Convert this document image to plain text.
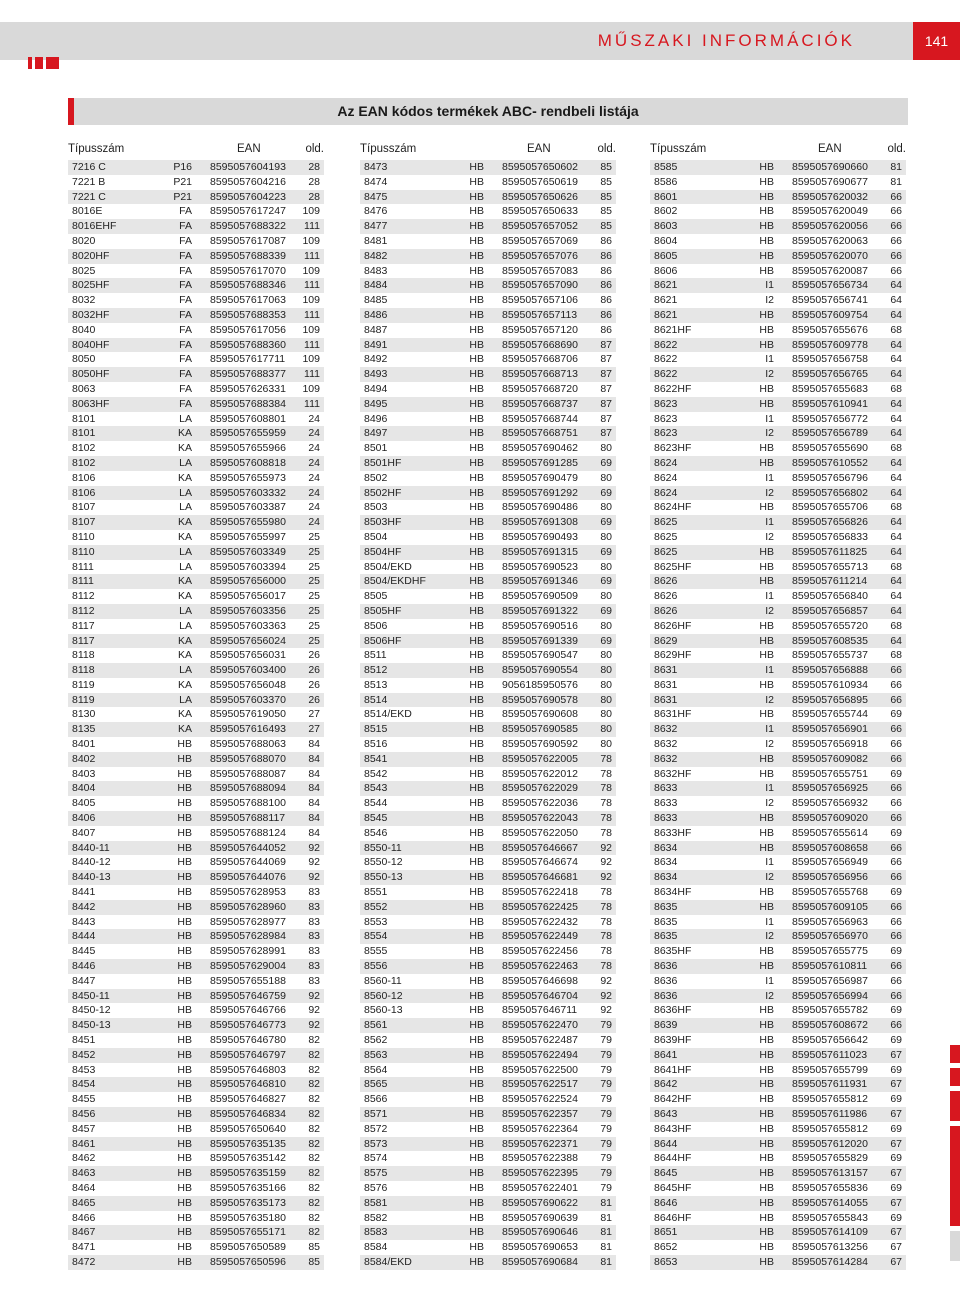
MŰSZAKI INFORMÁCIÓK	141
Az EAN kódos termékek ABC- rendbeli listája
Típusszám	EAN	old.
7216 C	P16 8595057604193 28
7221 B	P21 8595057604216 28
7221 C	P21 8595057604223 28
8016E	FA 8595057617247 109
8016EHF	FA 8595057688322 111
8020	FA 8595057617087 109
8020HF	FA 8595057688339 111
8025	FA 8595057617070 109
8025HF	FA 8595057688346 111
8032	FA 8595057617063 109
8032HF	FA 8595057688353 111
8040	FA 8595057617056 109
8040HF	FA 8595057688360 111
8050	FA 8595057617711 109
8050HF	FA 8595057688377 111
8063	FA 8595057626331 109
8063HF	FA 8595057688384 111
8101	LA 8595057608801 24
8101	KA 8595057655959 24
8102	KA 8595057655966 24
8102	LA 8595057608818 24
8106	KA 8595057655973 24
8106	LA 8595057603332 24
8107	LA 8595057603387 24
8107	KA 8595057655980 24
8110	KA 8595057655997 25
8110	LA 8595057603349 25
8111	LA 8595057603394 25
8111	KA 8595057656000 25
8112	KA 8595057656017 25
8112	LA 8595057603356 25
8117	LA 8595057603363 25
8117	KA 8595057656024 25
8118	KA 8595057656031 26
8118	LA 8595057603400 26
8119	KA 8595057656048 26
8119	LA 8595057603370 26
8130	KA 8595057619050 27
8135	KA 8595057616493 27
8401	HB 8595057688063 84
8402	HB 8595057688070 84
8403	HB 8595057688087 84
8404	HB 8595057688094 84
8405	HB 8595057688100 84
8406	HB 8595057688117 84
8407	HB 8595057688124 84
8440-11	HB 8595057644052 92
8440-12	HB 8595057644069 92
8440-13	HB 8595057644076 92
8441	HB 8595057628953 83
8442	HB 8595057628960 83
8443	HB 8595057628977 83
8444	HB 8595057628984 83
8445	HB 8595057628991 83
8446	HB 8595057629004 83
8447	HB 8595057655188 83
8450-11	HB 8595057646759 92
8450-12	HB 8595057646766 92
8450-13	HB 8595057646773 92
8451	HB 8595057646780 82
8452	HB 8595057646797 82
8453	HB 8595057646803 82
8454	HB 8595057646810 82
8455	HB 8595057646827 82
8456	HB 8595057646834 82
8457	HB 8595057650640 82
8461	HB 8595057635135 82
8462	HB 8595057635142 82
8463	HB 8595057635159 82
8464	HB 8595057635166 82
8465	HB 8595057635173 82
8466	HB 8595057635180 82
8467	HB 8595057655171 82
8471	HB 8595057650589 85
8472	HB 8595057650596 85
Típusszám	EAN	old.
8473	HB 8595057650602 85
8474	HB 8595057650619 85
8475	HB 8595057650626 85
8476	HB 8595057650633 85
8477	HB 8595057657052 85
8481	HB 8595057657069 86
8482	HB 8595057657076 86
8483	HB 8595057657083 86
8484	HB 8595057657090 86
8485	HB 8595057657106 86
8486	HB 8595057657113 86
8487	HB 8595057657120 86
8491	HB 8595057668690 87
8492	HB 8595057668706 87
8493	HB 8595057668713 87
8494	HB 8595057668720 87
8495	HB 8595057668737 87
8496	HB 8595057668744 87
8497	HB 8595057668751 87
8501	HB 8595057690462 80
8501HF	HB 8595057691285 69
8502	HB 8595057690479 80
8502HF	HB 8595057691292 69
8503	HB 8595057690486 80
8503HF	HB 8595057691308 69
8504	HB 8595057690493 80
8504HF	HB 8595057691315 69
8504/EKD	HB 8595057690523 80
8504/EKDHF	HB 8595057691346 69
8505	HB 8595057690509 80
8505HF	HB 8595057691322 69
8506	HB 8595057690516 80
8506HF	HB 8595057691339 69
8511	HB 8595057690547 80
8512	HB 8595057690554 80
8513	HB 9056185950576 80
8514	HB 8595057690578 80
8514/EKD	HB 8595057690608 80
8515	HB 8595057690585 80
8516	HB 8595057690592 80
8541	HB 8595057622005 78
8542	HB 8595057622012 78
8543	HB 8595057622029 78
8544	HB 8595057622036 78
8545	HB 8595057622043 78
8546	HB 8595057622050 78
8550-11	HB 8595057646667 92
8550-12	HB 8595057646674 92
8550-13	HB 8595057646681 92
8551	HB 8595057622418 78
8552	HB 8595057622425 78
8553	HB 8595057622432 78
8554	HB 8595057622449 78
8555	HB 8595057622456 78
8556	HB 8595057622463 78
8560-11	HB 8595057646698 92
8560-12	HB 8595057646704 92
8560-13	HB 8595057646711 92
8561	HB 8595057622470 79
8562	HB 8595057622487 79
8563	HB 8595057622494 79
8564	HB 8595057622500 79
8565	HB 8595057622517 79
8566	HB 8595057622524 79
8571	HB 8595057622357 79
8572	HB 8595057622364 79
8573	HB 8595057622371 79
8574	HB 8595057622388 79
8575	HB 8595057622395 79
8576	HB 8595057622401 79
8581	HB 8595057690622 81
8582	HB 8595057690639 81
8583	HB 8595057690646 81
8584	HB 8595057690653 81
8584/EKD	HB 8595057690684 81
Típusszám	EAN	old.
8585	HB 8595057690660 81
8586	HB 8595057690677 81
8601	HB 8595057620032 66
8602	HB 8595057620049 66
8603	HB 8595057620056 66
8604	HB 8595057620063 66
8605	HB 8595057620070 66
8606	HB 8595057620087 66
8621	I1 8595057656734 64
8621	I2 8595057656741 64
8621	HB 8595057609754 64
8621HF	HB 8595057655676 68
8622	HB 8595057609778 64
8622	I1 8595057656758 64
8622	I2 8595057656765 64
8622HF	HB 8595057655683 68
8623	HB 8595057610941 64
8623	I1 8595057656772 64
8623	I2 8595057656789 64
8623HF	HB 8595057655690 68
8624	HB 8595057610552 64
8624	I1 8595057656796 64
8624	I2 8595057656802 64
8624HF	HB 8595057655706 68
8625	I1 8595057656826 64
8625	I2 8595057656833 64
8625	HB 8595057611825 64
8625HF	HB 8595057655713 68
8626	HB 8595057611214 64
8626	I1 8595057656840 64
8626	I2 8595057656857 64
8626HF	HB 8595057655720 68
8629	HB 8595057608535 64
8629HF	HB 8595057655737 68
8631	I1 8595057656888 66
8631	HB 8595057610934 66
8631	I2 8595057656895 66
8631HF	HB 8595057655744 69
8632	I1 8595057656901 66
8632	I2 8595057656918 66
8632	HB 8595057609082 66
8632HF	HB 8595057655751 69
8633	I1 8595057656925 66
8633	I2 8595057656932 66
8633	HB 8595057609020 66
8633HF	HB 8595057655614 69
8634	HB 8595057608658 66
8634	I1 8595057656949 66
8634	I2 8595057656956 66
8634HF	HB 8595057655768 69
8635	HB 8595057609105 66
8635	I1 8595057656963 66
8635	I2 8595057656970 66
8635HF	HB 8595057655775 69
8636	HB 8595057610811 66
8636	I1 8595057656987 66
8636	I2 8595057656994 66
8636HF	HB 8595057655782 69
8639	HB 8595057608672 66
8639HF	HB 8595057656642 69
8641	HB 8595057611023 67
8641HF	HB 8595057655799 69
8642	HB 8595057611931 67
8642HF	HB 8595057655812 69
8643	HB 8595057611986 67
8643HF	HB 8595057655812 69
8644	HB 8595057612020 67
8644HF	HB 8595057655829 69
8645	HB 8595057613157 67
8645HF	HB 8595057655836 69
8646	HB 8595057614055 67
8646HF	HB 8595057655843 69
8651	HB 8595057614109 67
8652	HB 8595057613256 67
8653	HB 8595057614284 67
